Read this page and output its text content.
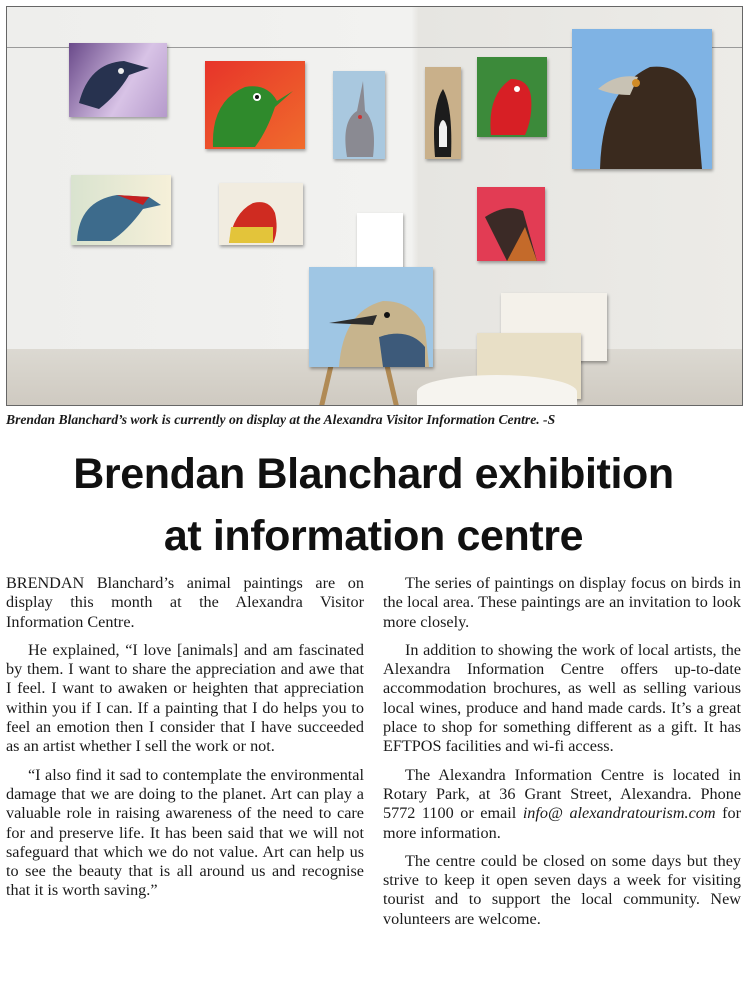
Brendan Blanchard’s work is currently on display at the Alexandra Visitor Information Centre. -S
Brendan Blanchard exhibition
at information centre

BRENDAN Blanchard’s animal paintings are on display this month at the Alexandra Visitor Information Centre.

He explained, “I love [animals] and am fascinated by them. I want to share the appreciation and awe that I feel. I want to awaken or heighten that appreciation within you if I can. If a painting that I do helps you to feel an emotion then I consider that I have succeeded as an artist whether I sell the work or not.

“I also find it sad to contemplate the environmental damage that we are doing to the planet. Art can play a valuable role in raising awareness of the need to care for and preserve life. It has been said that we will not safeguard that which we do not value. Art can help us to see the beauty that is all around us and recognise that it is worth saving.”

The series of paintings on display focus on birds in the local area. These paintings are an invitation to look more closely.

In addition to showing the work of local artists, the Alexandra Information Centre offers up-to-date accommodation brochures, as well as selling various local wines, produce and hand made cards. It’s a great place to shop for something different as a gift. It has EFTPOS facilities and wi-fi access.

The Alexandra Information Centre is located in Rotary Park, at 36 Grant Street, Alexandra. Phone 5772 1100 or email info@ alexandratourism.com for more information.

The centre could be closed on some days but they strive to keep it open seven days a week for visiting tourist and to support the local community. New volunteers are welcome.
